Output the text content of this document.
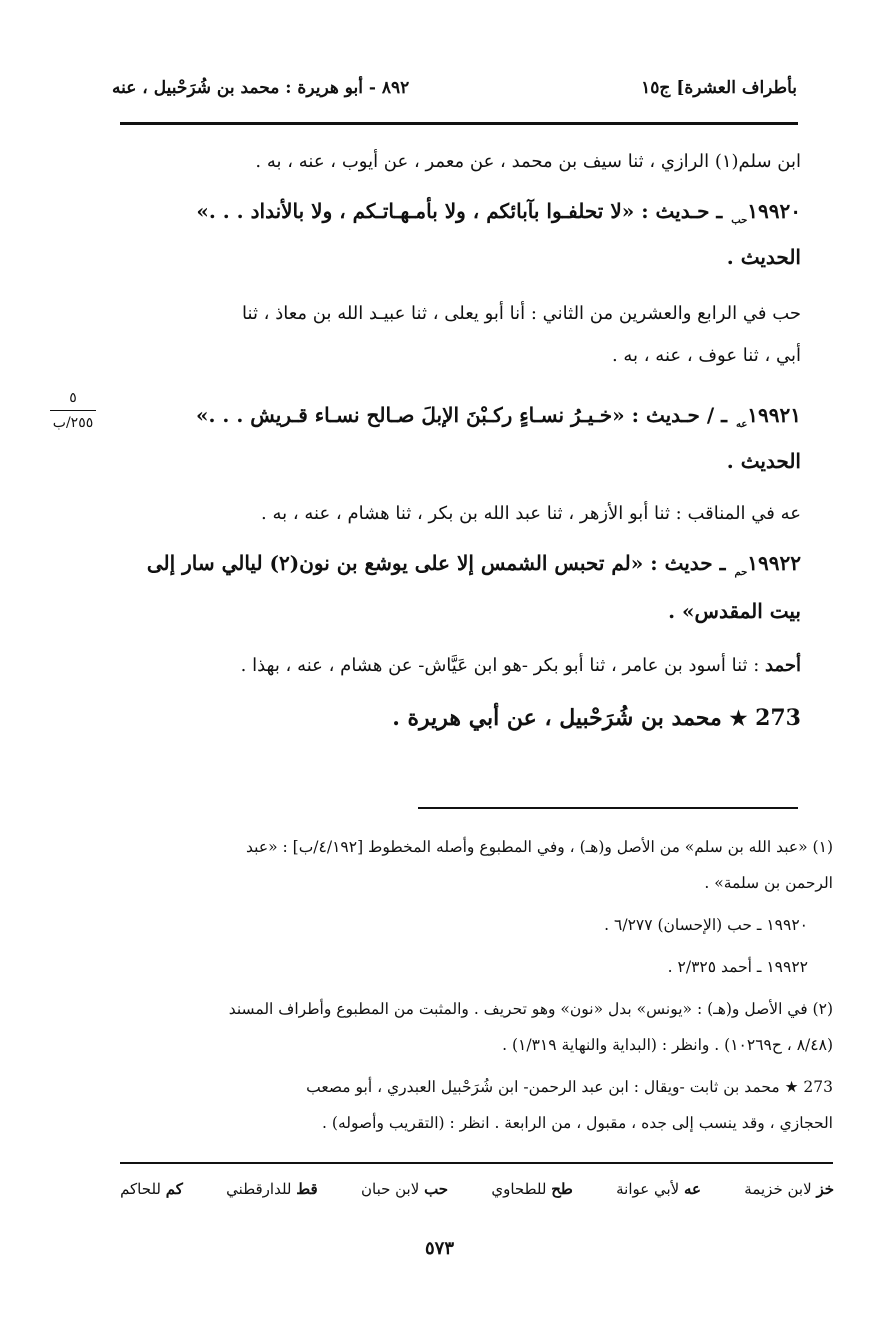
٨٩٢ - أبو هريرة : محمد بن شُرَحْبيل ، عنه	بأطراف العشرة] ج١٥
ابن سلم(١) الرازي ، ثنا سيف بن محمد ، عن معمر ، عن أيوب ، عنه ، به .
$١٩٩٢٠_{حب}$ ـ حـديث : «لا تحلفـوا بآبائكم ، ولا بأمـهـاتـكم ، ولا بالأنداد . . .»
الحديث .
حب في الرابع والعشرين من الثاني : أنا أبو يعلى ، ثنا عبيـد الله بن معاذ ، ثنا
أبي ، ثنا عوف ، عنه ، به .
$١٩٩٢١_{عه}$ ـ / حـديث : «خـيـرُ نسـاءٍ ركـبْنَ الإبلَ صـالح نسـاء قـريش . . .»
الحديث .
٥
٢٥٥/ب
عه في المناقب : ثنا أبو الأزهر ، ثنا عبد الله بن بكر ، ثنا هشام ، عنه ، به .
$١٩٩٢٢_{حم}$ ـ حديث : «لم تحبس الشمس إلا على يوشع بن نون(٢) ليالي سار إلى
بيت المقدس» .
أحمد : ثنا أسود بن عامر ، ثنا أبو بكر -هو ابن عَيَّاش- عن هشام ، عنه ، بهذا .
273 ★ محمد بن شُرَحْبيل ، عن أبي هريرة .
(١) «عبد الله بن سلم» من الأصل و(هـ) ، وفي المطبوع وأصله المخطوط [٤/١٩٢/ب] : «عبد
الرحمن بن سلمة» .
١٩٩٢٠ ـ حب (الإحسان) ٦/٢٧٧ .
١٩٩٢٢ ـ أحمد ٢/٣٢٥ .
(٢) في الأصل و(هـ) : «يونس» بدل «نون» وهو تحريف . والمثبت من المطبوع وأطراف المسند
(٨/٤٨ ، ح١٠٢٦٩) . وانظر : (البداية والنهاية ١/٣١٩) .
273 ★ محمد بن ثابت -ويقال : ابن عبد الرحمن- ابن شُرَحْبيل العبدري ، أبو مصعب
الحجازي ، وقد ينسب إلى جده ، مقبول ، من الرابعة . انظر : (التقريب وأصوله) .
خز لابن خزيمة
عه لأبي عوانة
طح للطحاوي
حب لابن حبان
قط للدارقطني
كم للحاكم
٥٧٣
